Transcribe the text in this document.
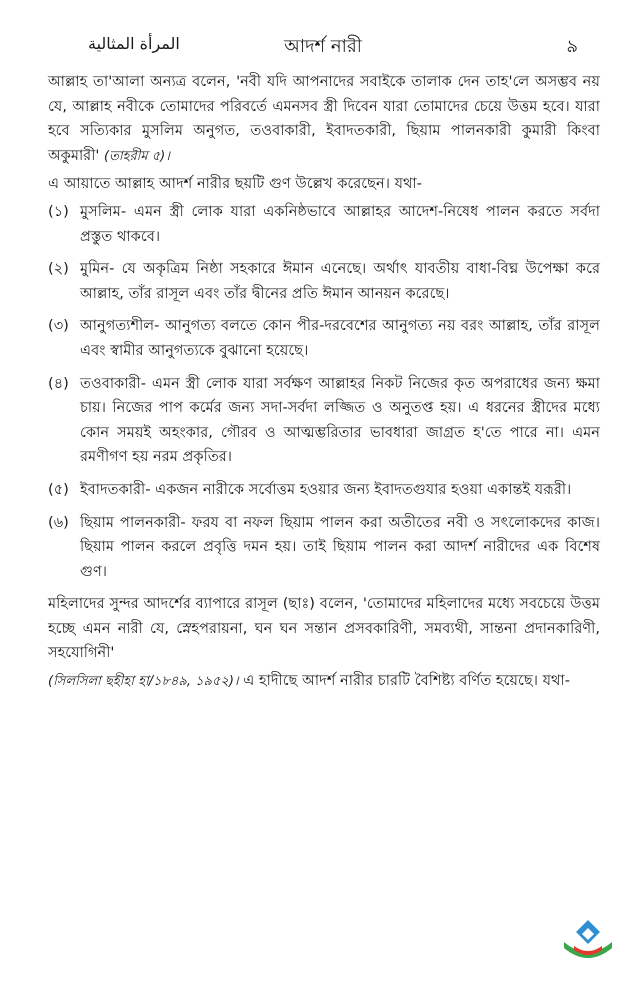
المرأة المثالية	আদর্শ নারী	৯

আল্লাহ তা'আলা অন্যত্র বলেন, 'নবী যদি আপনাদের সবাইকে তালাক দেন তাহ'লে অসম্ভব নয় যে, আল্লাহ নবীকে তোমাদের পরিবর্তে এমনসব স্ত্রী দিবেন যারা তোমাদের চেয়ে উত্তম হবে। যারা হবে সত্যিকার মুসলিম অনুগত, তওবাকারী, ইবাদতকারী, ছিয়াম পালনকারী কুমারী কিংবা অকুমারী' (তাহরীম ৫)।

এ আয়াতে আল্লাহ আদর্শ নারীর ছয়টি গুণ উল্লেখ করেছেন। যথা-

(১) মুসলিম- এমন স্ত্রী লোক যারা একনিষ্ঠভাবে আল্লাহর আদেশ-নিষেধ পালন করতে সর্বদা প্রস্তুত থাকবে।
(২) মুমিন- যে অকৃত্রিম নিষ্ঠা সহকারে ঈমান এনেছে। অর্থাৎ যাবতীয় বাধা-বিঘ্ন উপেক্ষা করে আল্লাহ, তাঁর রাসূল এবং তাঁর দ্বীনের প্রতি ঈমান আনয়ন করেছে।
(৩) আনুগত্যশীল- আনুগত্য বলতে কোন পীর-দরবেশের আনুগত্য নয় বরং আল্লাহ, তাঁর রাসূল এবং স্বামীর আনুগত্যকে বুঝানো হয়েছে।
(৪) তওবাকারী- এমন স্ত্রী লোক যারা সর্বক্ষণ আল্লাহর নিকট নিজের কৃত অপরাধের জন্য ক্ষমা চায়। নিজের পাপ কর্মের জন্য সদা-সর্বদা লজ্জিত ও অনুতপ্ত হয়। এ ধরনের স্ত্রীদের মধ্যে কোন সময়ই অহংকার, গৌরব ও আত্মম্ভরিতার ভাবধারা জাগ্রত হ'তে পারে না। এমন রমণীগণ হয় নরম প্রকৃতির।
(৫) ইবাদতকারী- একজন নারীকে সর্বোত্তম হওয়ার জন্য ইবাদতগুযার হওয়া একান্তই যরূরী।
(৬) ছিয়াম পালনকারী- ফরয বা নফল ছিয়াম পালন করা অতীতের নবী ও সৎলোকদের কাজ। ছিয়াম পালন করলে প্রবৃত্তি দমন হয়। তাই ছিয়াম পালন করা আদর্শ নারীদের এক বিশেষ গুণ।

মহিলাদের সুন্দর আদর্শের ব্যাপারে রাসূল (ছাঃ) বলেন, 'তোমাদের মহিলাদের মধ্যে সবচেয়ে উত্তম হচ্ছে এমন নারী যে, স্নেহপরায়না, ঘন ঘন সন্তান প্রসবকারিণী, সমব্যথী, সান্তনা প্রদানকারিণী, সহযোগিনী'

(সিলসিলা ছহীহা হা/১৮৪৯, ১৯৫২)। এ হাদীছে আদর্শ নারীর চারটি বৈশিষ্ট্য বর্ণিত হয়েছে। যথা-
